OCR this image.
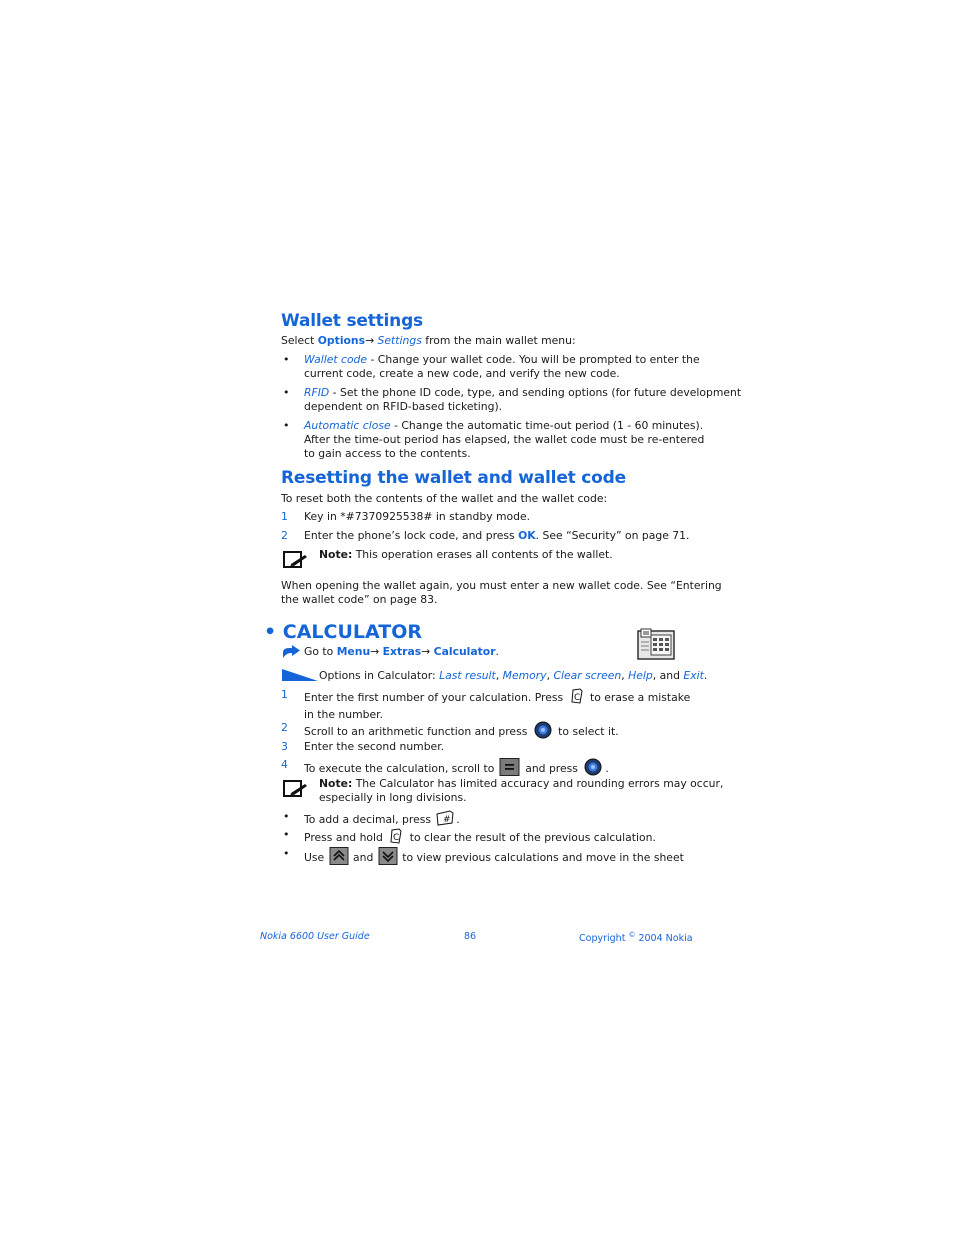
Wallet settings
Select Options→ Settings from the main wallet menu:
• Wallet code - Change your wallet code. You will be prompted to enter the
current code, create a new code, and verify the new code.
• RFID - Set the phone ID code, type, and sending options (for future development
dependent on RFID-based ticketing).
• Automatic close - Change the automatic time-out period (1 - 60 minutes).
After the time-out period has elapsed, the wallet code must be re-entered
to gain access to the contents.
Resetting the wallet and wallet code
To reset both the contents of the wallet and the wallet code:
1 Key in *#7370925538# in standby mode.
2 Enter the phone’s lock code, and press OK. See “Security” on page 71.
Note: This operation erases all contents of the wallet.
When opening the wallet again, you must enter a new wallet code. See “Entering
the wallet code” on page 83.
• CALCULATOR
Go to Menu→ Extras→ Calculator.
Options in Calculator: Last result, Memory, Clear screen, Help, and Exit.
1 Enter the first number of your calculation. Press C to erase a mistake
in the number.
2 Scroll to an arithmetic function and press  to select it.
3 Enter the second number.
4 To execute the calculation, scroll to  and press .
Note: The Calculator has limited accuracy and rounding errors may occur,
especially in long divisions.
• To add a decimal, press # .
• Press and hold C to clear the result of the previous calculation.
• Use  and  to view previous calculations and move in the sheet
Nokia 6600 User Guide	86	Copyright © 2004 Nokia
